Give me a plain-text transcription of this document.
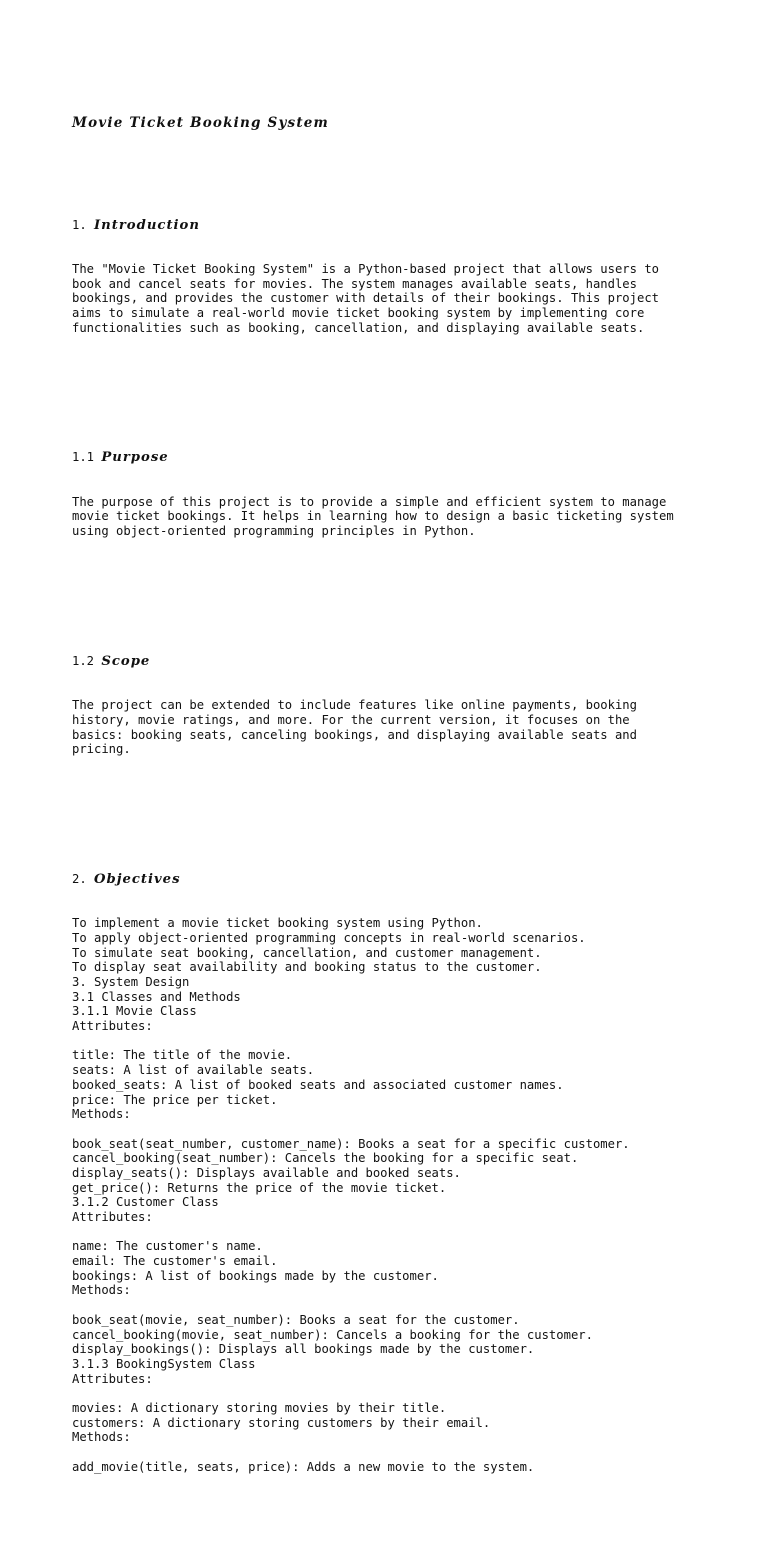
Movie Ticket Booking System

1. Introduction

The "Movie Ticket Booking System" is a Python-based project that allows users to
book and cancel seats for movies. The system manages available seats, handles
bookings, and provides the customer with details of their bookings. This project
aims to simulate a real-world movie ticket booking system by implementing core
functionalities such as booking, cancellation, and displaying available seats.

1.1 Purpose

The purpose of this project is to provide a simple and efficient system to manage
movie ticket bookings. It helps in learning how to design a basic ticketing system
using object-oriented programming principles in Python.

1.2 Scope

The project can be extended to include features like online payments, booking
history, movie ratings, and more. For the current version, it focuses on the
basics: booking seats, canceling bookings, and displaying available seats and
pricing.

2. Objectives

To implement a movie ticket booking system using Python.
To apply object-oriented programming concepts in real-world scenarios.
To simulate seat booking, cancellation, and customer management.
To display seat availability and booking status to the customer.
3. System Design
3.1 Classes and Methods
3.1.1 Movie Class
Attributes:
title: The title of the movie.
seats: A list of available seats.
booked_seats: A list of booked seats and associated customer names.
price: The price per ticket.
Methods:
book_seat(seat_number, customer_name): Books a seat for a specific customer.
cancel_booking(seat_number): Cancels the booking for a specific seat.
display_seats(): Displays available and booked seats.
get_price(): Returns the price of the movie ticket.
3.1.2 Customer Class
Attributes:
name: The customer's name.
email: The customer's email.
bookings: A list of bookings made by the customer.
Methods:
book_seat(movie, seat_number): Books a seat for the customer.
cancel_booking(movie, seat_number): Cancels a booking for the customer.
display_bookings(): Displays all bookings made by the customer.
3.1.3 BookingSystem Class
Attributes:
movies: A dictionary storing movies by their title.
customers: A dictionary storing customers by their email.
Methods:
add_movie(title, seats, price): Adds a new movie to the system.
